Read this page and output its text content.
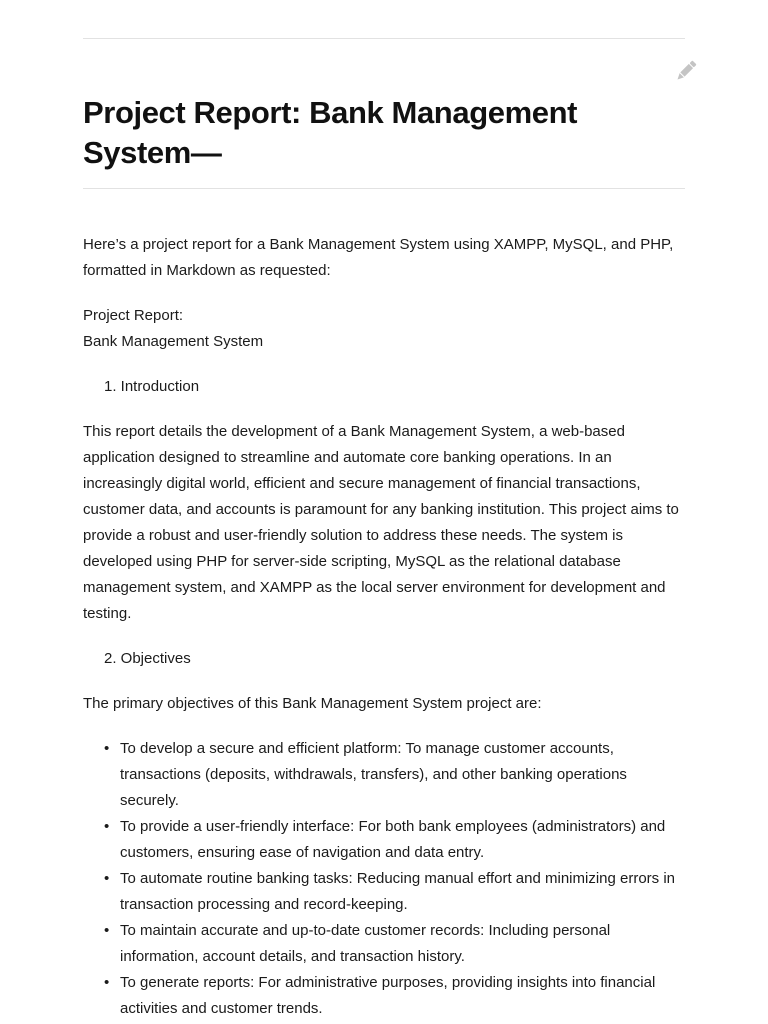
Project Report: Bank Management System—

Here’s a project report for a Bank Management System using XAMPP, MySQL, and PHP, formatted in Markdown as requested:

Project Report:
Bank Management System

1. Introduction

This report details the development of a Bank Management System, a web-based application designed to streamline and automate core banking operations. In an increasingly digital world, efficient and secure management of financial transactions, customer data, and accounts is paramount for any banking institution. This project aims to provide a robust and user-friendly solution to address these needs. The system is developed using PHP for server-side scripting, MySQL as the relational database management system, and XAMPP as the local server environment for development and testing.

2. Objectives

The primary objectives of this Bank Management System project are:

• To develop a secure and efficient platform: To manage customer accounts, transactions (deposits, withdrawals, transfers), and other banking operations securely.
• To provide a user-friendly interface: For both bank employees (administrators) and customers, ensuring ease of navigation and data entry.
• To automate routine banking tasks: Reducing manual effort and minimizing errors in transaction processing and record-keeping.
• To maintain accurate and up-to-date customer records: Including personal information, account details, and transaction history.
• To generate reports: For administrative purposes, providing insights into financial activities and customer trends.
